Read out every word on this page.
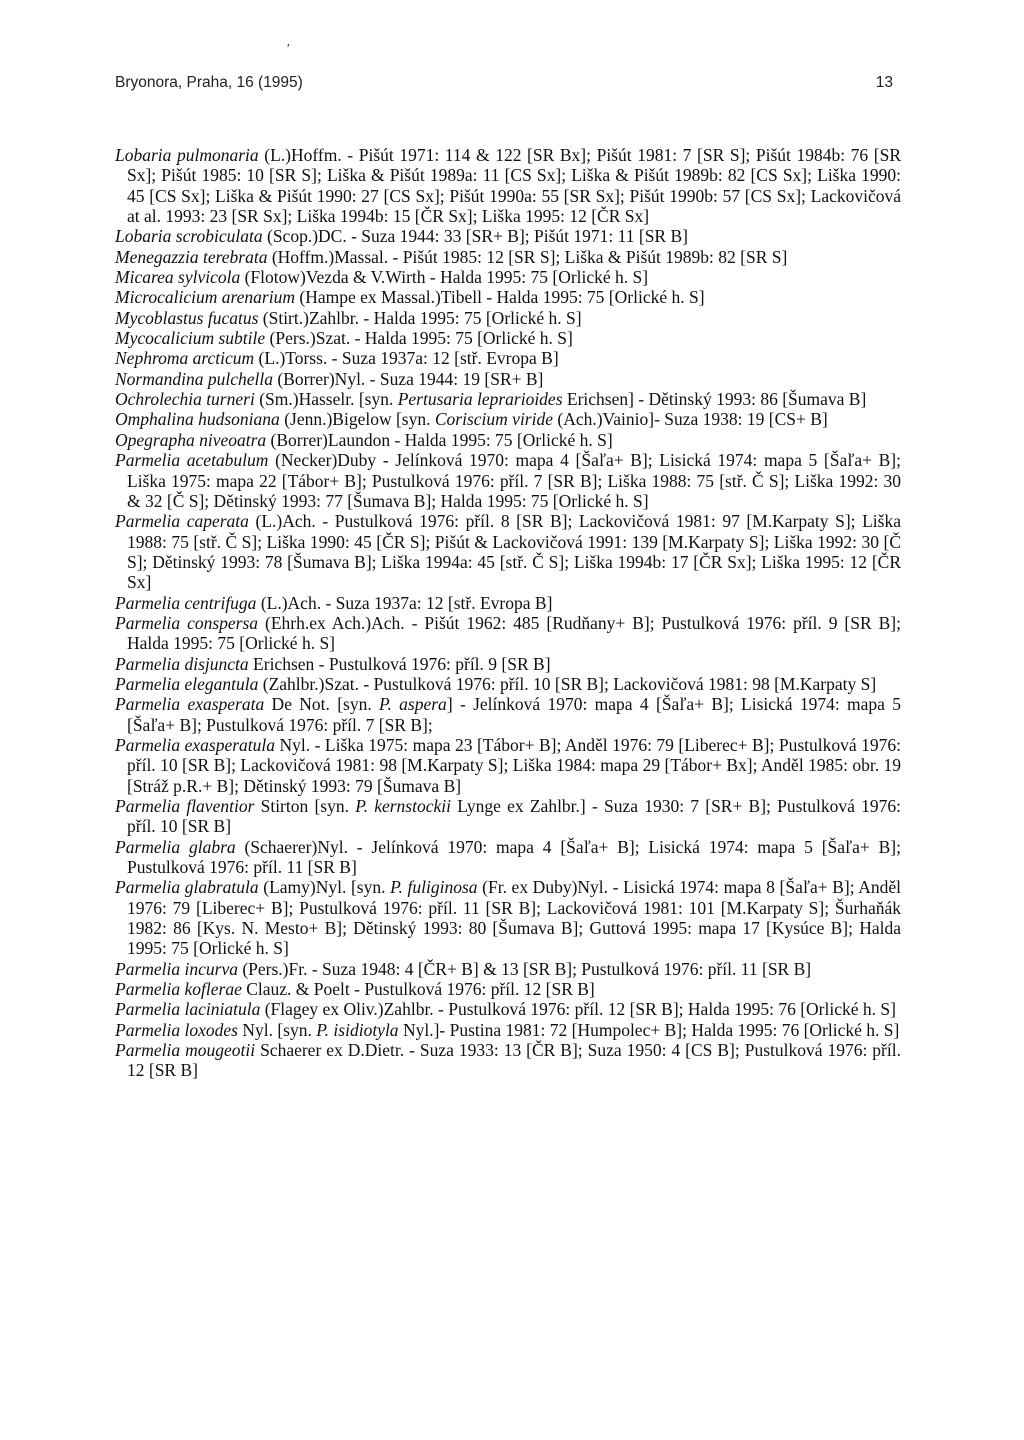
'
Bryonora, Praha, 16 (1995)	13

Lobaria pulmonaria (L.)Hoffm. - Pišút 1971: 114 & 122 [SR Bx]; Pišút 1981: 7 [SR S]; Pišút 1984b: 76 [SR Sx]; Pišút 1985: 10 [SR S]; Liška & Pišút 1989a: 11 [CS Sx]; Liška & Pišút 1989b: 82 [CS Sx]; Liška 1990: 45 [CS Sx]; Liška & Pišút 1990: 27 [CS Sx]; Pišút 1990a: 55 [SR Sx]; Pišút 1990b: 57 [CS Sx]; Lackovičová at al. 1993: 23 [SR Sx]; Liška 1994b: 15 [ČR Sx]; Liška 1995: 12 [ČR Sx]

Lobaria scrobiculata (Scop.)DC. - Suza 1944: 33 [SR+ B]; Pišút 1971: 11 [SR B]

Menegazzia terebrata (Hoffm.)Massal. - Pišút 1985: 12 [SR S]; Liška & Pišút 1989b: 82 [SR S]

Micarea sylvicola (Flotow)Vezda & V.Wirth - Halda 1995: 75 [Orlické h. S]

Microcalicium arenarium (Hampe ex Massal.)Tibell - Halda 1995: 75 [Orlické h. S]

Mycoblastus fucatus (Stirt.)Zahlbr. - Halda 1995: 75 [Orlické h. S]

Mycocalicium subtile (Pers.)Szat. - Halda 1995: 75 [Orlické h. S]

Nephroma arcticum (L.)Torss. - Suza 1937a: 12 [stř. Evropa B]

Normandina pulchella (Borrer)Nyl. - Suza 1944: 19 [SR+ B]

Ochrolechia turneri (Sm.)Hasselr. [syn. Pertusaria leprarioides Erichsen] - Dětinský 1993: 86 [Šumava B]

Omphalina hudsoniana (Jenn.)Bigelow [syn. Coriscium viride (Ach.)Vainio]- Suza 1938: 19 [CS+ B]

Opegrapha niveoatra (Borrer)Laundon - Halda 1995: 75 [Orlické h. S]

Parmelia acetabulum (Necker)Duby - Jelínková 1970: mapa 4 [Šaľa+ B]; Lisická 1974: mapa 5 [Šaľa+ B]; Liška 1975: mapa 22 [Tábor+ B]; Pustulková 1976: příl. 7 [SR B]; Liška 1988: 75 [stř. Č S]; Liška 1992: 30 & 32 [Č S]; Dětinský 1993: 77 [Šumava B]; Halda 1995: 75 [Orlické h. S]

Parmelia caperata (L.)Ach. - Pustulková 1976: příl. 8 [SR B]; Lackovičová 1981: 97 [M.Karpaty S]; Liška 1988: 75 [stř. Č S]; Liška 1990: 45 [ČR S]; Pišút & Lackovičová 1991: 139 [M.Karpaty S]; Liška 1992: 30 [Č S]; Dětinský 1993: 78 [Šumava B]; Liška 1994a: 45 [stř. Č S]; Liška 1994b: 17 [ČR Sx]; Liška 1995: 12 [ČR Sx]

Parmelia centrifuga (L.)Ach. - Suza 1937a: 12 [stř. Evropa B]

Parmelia conspersa (Ehrh.ex Ach.)Ach. - Pišút 1962: 485 [Rudňany+ B]; Pustulková 1976: příl. 9 [SR B]; Halda 1995: 75 [Orlické h. S]

Parmelia disjuncta Erichsen - Pustulková 1976: příl. 9 [SR B]

Parmelia elegantula (Zahlbr.)Szat. - Pustulková 1976: příl. 10 [SR B]; Lackovičová 1981: 98 [M.Karpaty S]

Parmelia exasperata De Not. [syn. P. aspera] - Jelínková 1970: mapa 4 [Šaľa+ B]; Lisická 1974: mapa 5 [Šaľa+ B]; Pustulková 1976: příl. 7 [SR B];

Parmelia exasperatula Nyl. - Liška 1975: mapa 23 [Tábor+ B]; Anděl 1976: 79 [Liberec+ B]; Pustulková 1976: příl. 10 [SR B]; Lackovičová 1981: 98 [M.Karpaty S]; Liška 1984: mapa 29 [Tábor+ Bx]; Anděl 1985: obr. 19 [Stráž p.R.+ B]; Dětinský 1993: 79 [Šumava B]

Parmelia flaventior Stirton [syn. P. kernstockii Lynge ex Zahlbr.] - Suza 1930: 7 [SR+ B]; Pustulková 1976: příl. 10 [SR B]

Parmelia glabra (Schaerer)Nyl. - Jelínková 1970: mapa 4 [Šaľa+ B]; Lisická 1974: mapa 5 [Šaľa+ B]; Pustulková 1976: příl. 11 [SR B]

Parmelia glabratula (Lamy)Nyl. [syn. P. fuliginosa (Fr. ex Duby)Nyl. - Lisická 1974: mapa 8 [Šaľa+ B]; Anděl 1976: 79 [Liberec+ B]; Pustulková 1976: příl. 11 [SR B]; Lackovičová 1981: 101 [M.Karpaty S]; Šurhaňák 1982: 86 [Kys. N. Mesto+ B]; Dětinský 1993: 80 [Šumava B]; Guttová 1995: mapa 17 [Kysúce B]; Halda 1995: 75 [Orlické h. S]

Parmelia incurva (Pers.)Fr. - Suza 1948: 4 [ČR+ B] & 13 [SR B]; Pustulková 1976: příl. 11 [SR B]

Parmelia koflerae Clauz. & Poelt - Pustulková 1976: příl. 12 [SR B]

Parmelia laciniatula (Flagey ex Oliv.)Zahlbr. - Pustulková 1976: příl. 12 [SR B]; Halda 1995: 76 [Orlické h. S]

Parmelia loxodes Nyl. [syn. P. isidiotyla Nyl.]- Pustina 1981: 72 [Humpolec+ B]; Halda 1995: 76 [Orlické h. S]

Parmelia mougeotii Schaerer ex D.Dietr. - Suza 1933: 13 [ČR B]; Suza 1950: 4 [CS B]; Pustulková 1976: příl. 12 [SR B]
